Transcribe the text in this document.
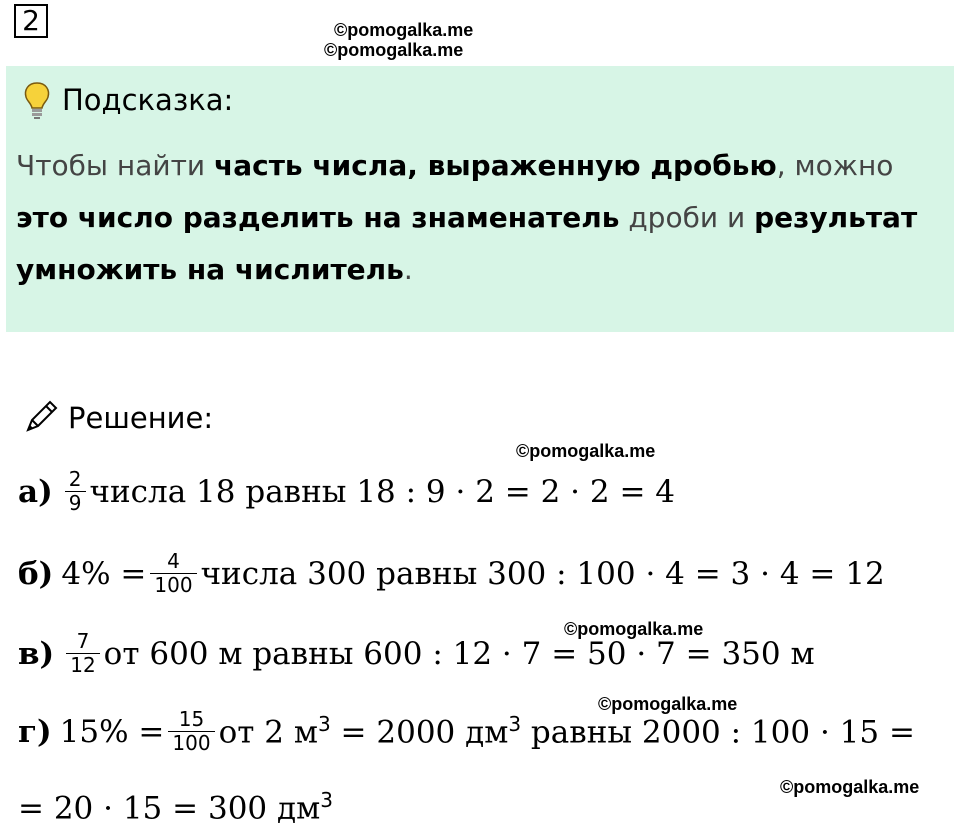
2	©pomogalka.me
©pomogalka.me
Подсказка:
Чтобы найти часть числа, выраженную дробью, можно это число разделить на знаменатель дроби и результат умножить на числитель.
Решение:
©pomogalka.me
$а) \frac{2}{9}$ числа 18 равны 18 : 9 · 2 = 2 · 2 = 4
б) $4\% = \frac{4}{100}$ числа 300 равны 300 : 100 · 4 = 3 · 4 = 12
©pomogalka.me
$в) \frac{7}{12}$ от 600 м равны 600 : 12 · 7 = 50 · 7 = 350 м
©pomogalka.me
г) $15\% = \frac{15}{100}$ от 2 $м^3 = 2000$ $дм^3$ равны 2000 : 100 · 15 =
©pomogalka.me
= 20 · 15 = 300 $дм^3$
